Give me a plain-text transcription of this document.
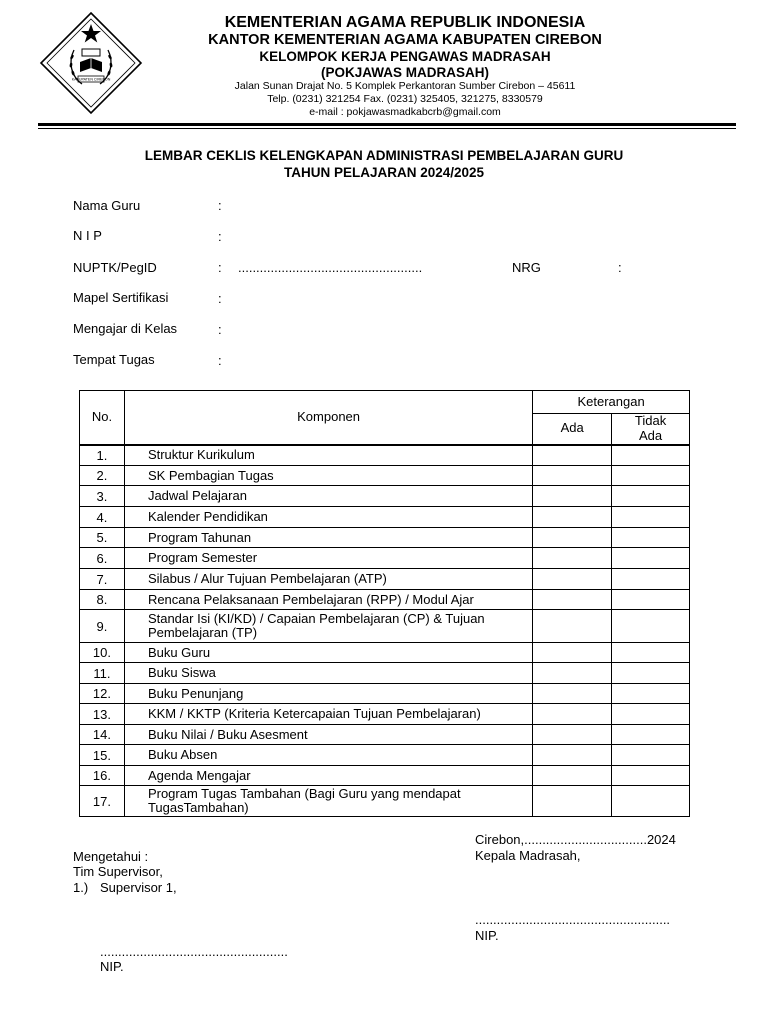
KABUPATEN CIREBON
KEMENTERIAN AGAMA REPUBLIK INDONESIA
KANTOR KEMENTERIAN AGAMA KABUPATEN CIREBON
KELOMPOK KERJA PENGAWAS MADRASAH
(POKJAWAS MADRASAH)
Jalan Sunan Drajat No. 5 Komplek Perkantoran Sumber Cirebon – 45611
Telp. (0231) 321254 Fax. (0231) 325405, 321275, 8330579
e-mail : pokjawasmadkabcrb@gmail.com
LEMBAR CEKLIS KELENGKAPAN ADMINISTRASI PEMBELAJARAN GURU
TAHUN PELAJARAN 2024/2025
Nama Guru	:
N I P	:
NUPTK/PegID	: ...................................................	NRG	:
Mapel Sertifikasi	:
Mengajar di Kelas	:
Tempat Tugas	:
No.	Komponen	Keterangan	
		Ada	Tidak
Ada

1.	Struktur Kurikulum		
2.	SK Pembagian Tugas		
3.	Jadwal Pelajaran		
4.	Kalender Pendidikan		
5.	Program Tahunan		
6.	Program Semester		
7.	Silabus / Alur Tujuan Pembelajaran (ATP)		
8.	Rencana Pelaksanaan Pembelajaran (RPP) / Modul Ajar		
9.	Standar Isi (KI/KD) / Capaian Pembelajaran (CP) & Tujuan Pembelajaran (TP)		
10.	Buku Guru		
11.	Buku Siswa		
12.	Buku Penunjang		
13.	KKM / KKTP (Kriteria Ketercapaian Tujuan Pembelajaran)		
14.	Buku Nilai / Buku Asesment		
15.	Buku Absen		
16.	Agenda Mengajar		
17.	Program Tugas Tambahan (Bagi Guru yang mendapat TugasTambahan)		
Cirebon,..................................2024
Kepala Madrasah,
Mengetahui :
Tim Supervisor,
1.) Supervisor 1,
......................................................
NIP.
....................................................
NIP.
